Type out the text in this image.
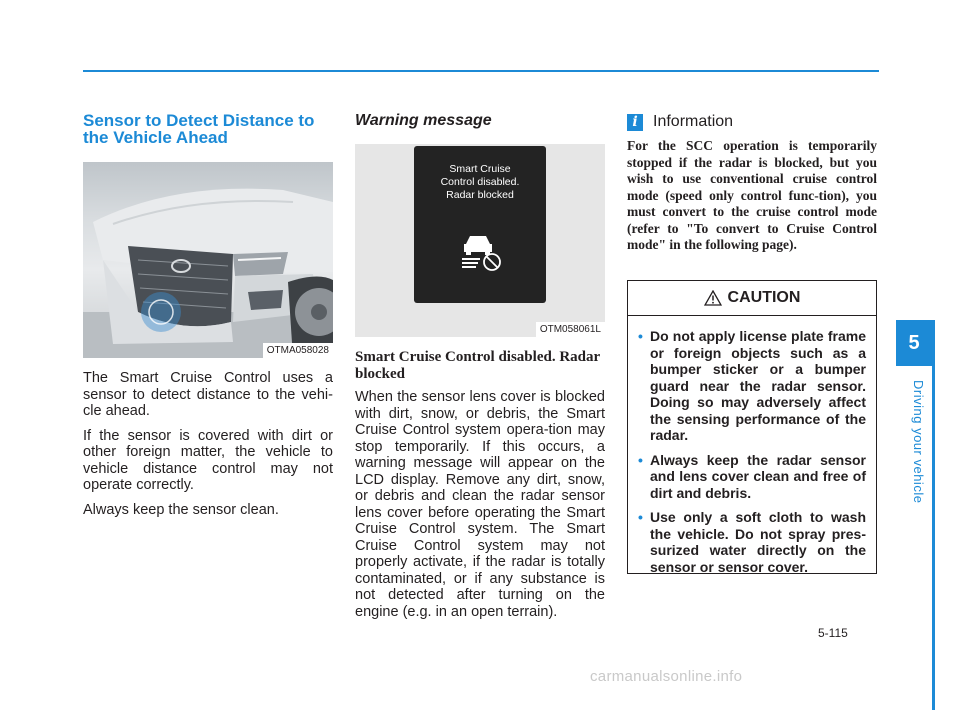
5
Driving your vehicle
Sensor to Detect Distance to the Vehicle Ahead
OTMA058028

The Smart Cruise Control uses a sensor to detect distance to the vehi-cle ahead.

If the sensor is covered with dirt or other foreign matter, the vehicle to vehicle distance control may not operate correctly.

Always keep the sensor clean.

Warning message
Smart Cruise
Control disabled.
Radar blocked
OTM058061L

Smart Cruise Control disabled. Radar blocked

When the sensor lens cover is blocked with dirt, snow, or debris, the Smart Cruise Control system opera-tion may stop temporarily. If this occurs, a warning message will appear on the LCD display. Remove any dirt, snow, or debris and clean the radar sensor lens cover before operating the Smart Cruise Control system. The Smart Cruise Control system may not properly activate, if the radar is totally contaminated, or if any substance is not detected after turning on the engine (e.g. in an open terrain).

i Information

For the SCC operation is temporarily stopped if the radar is blocked, but you wish to use conventional cruise control mode (speed only control func-tion), you must convert to the cruise control mode (refer to "To convert to Cruise Control mode" in the following page).

CAUTION
• Do not apply license plate frame or foreign objects such as a bumper sticker or a bumper guard near the radar sensor. Doing so may adversely affect the sensing performance of the radar.
• Always keep the radar sensor and lens cover clean and free of dirt and debris.
• Use only a soft cloth to wash the vehicle. Do not spray pres-surized water directly on the sensor or sensor cover.
5-115
carmanualsonline.info
